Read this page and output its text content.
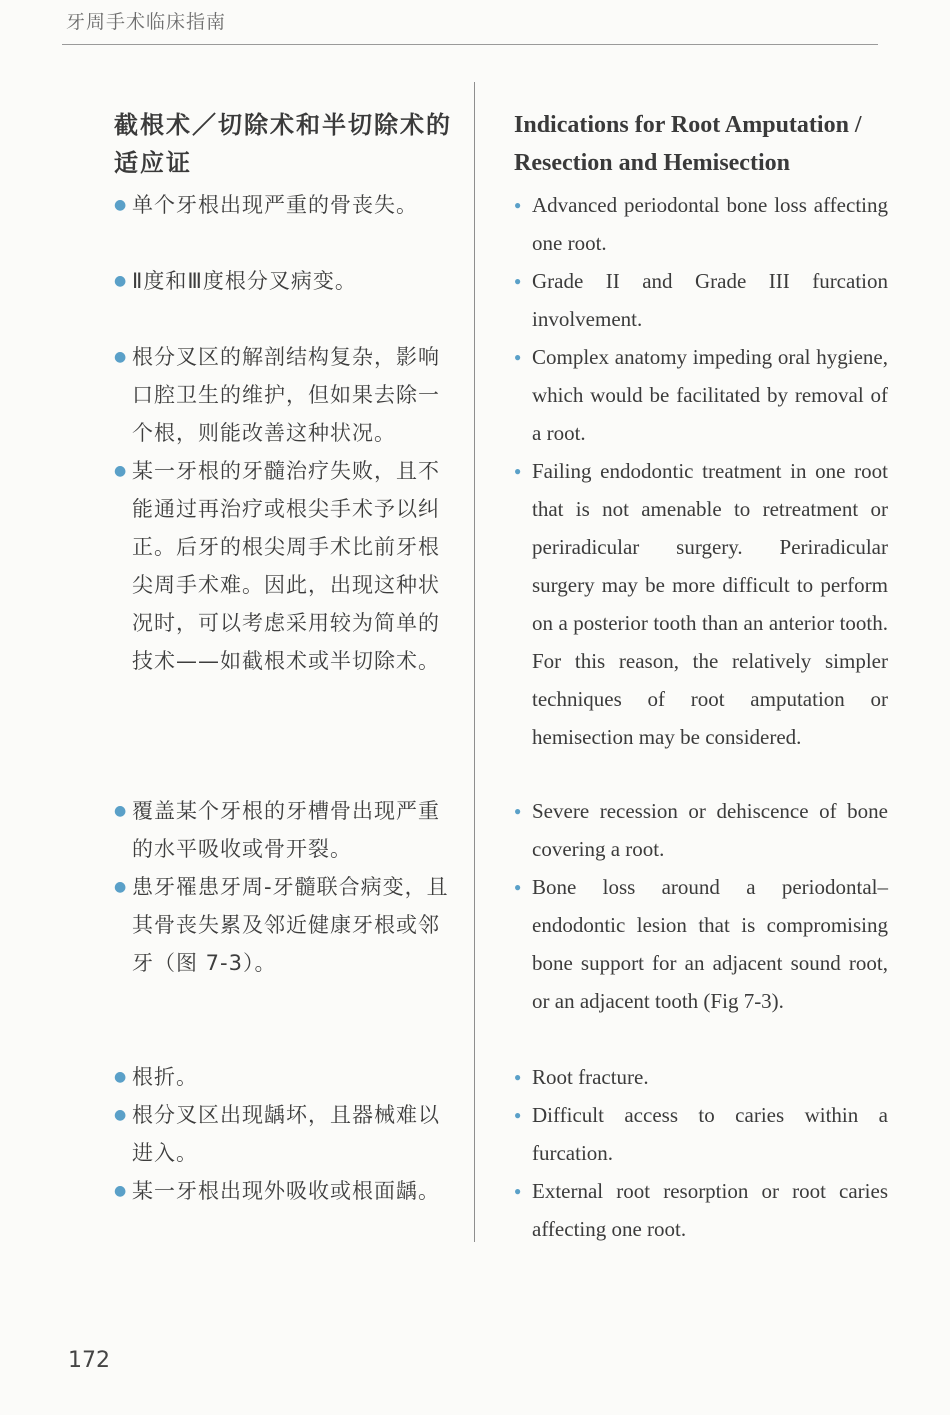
牙周手术临床指南
截根术／切除术和半切除术的适应证
● 单个牙根出现严重的骨丧失。
● Ⅱ度和Ⅲ度根分叉病变。
● 根分叉区的解剖结构复杂，影响口腔卫生的维护，但如果去除一个根，则能改善这种状况。
● 某一牙根的牙髓治疗失败，且不能通过再治疗或根尖手术予以纠正。后牙的根尖周手术比前牙根尖周手术难。因此，出现这种状况时，可以考虑采用较为简单的技术——如截根术或半切除术。
● 覆盖某个牙根的牙槽骨出现严重的水平吸收或骨开裂。
● 患牙罹患牙周-牙髓联合病变，且其骨丧失累及邻近健康牙根或邻牙（图 7-3）。
● 根折。
● 根分叉区出现龋坏，且器械难以进入。
● 某一牙根出现外吸收或根面龋。
Indications for Root Amputation / Resection and Hemisection
● Advanced periodontal bone loss affecting one root.
● Grade II and Grade III furcation involvement.
● Complex anatomy impeding oral hygiene, which would be facilitated by removal of a root.
● Failing endodontic treatment in one root that is not amenable to retreatment or periradicular surgery. Periradicular surgery may be more difficult to perform on a posterior tooth than an anterior tooth. For this reason, the relatively simpler techniques of root amputation or hemisection may be considered.
● Severe recession or dehiscence of bone covering a root.
● Bone loss around a periodontal–endodontic lesion that is compromising bone support for an adjacent sound root, or an adjacent tooth (Fig 7-3).
● Root fracture.
● Difficult access to caries within a furcation.
● External root resorption or root caries affecting one root.
172
